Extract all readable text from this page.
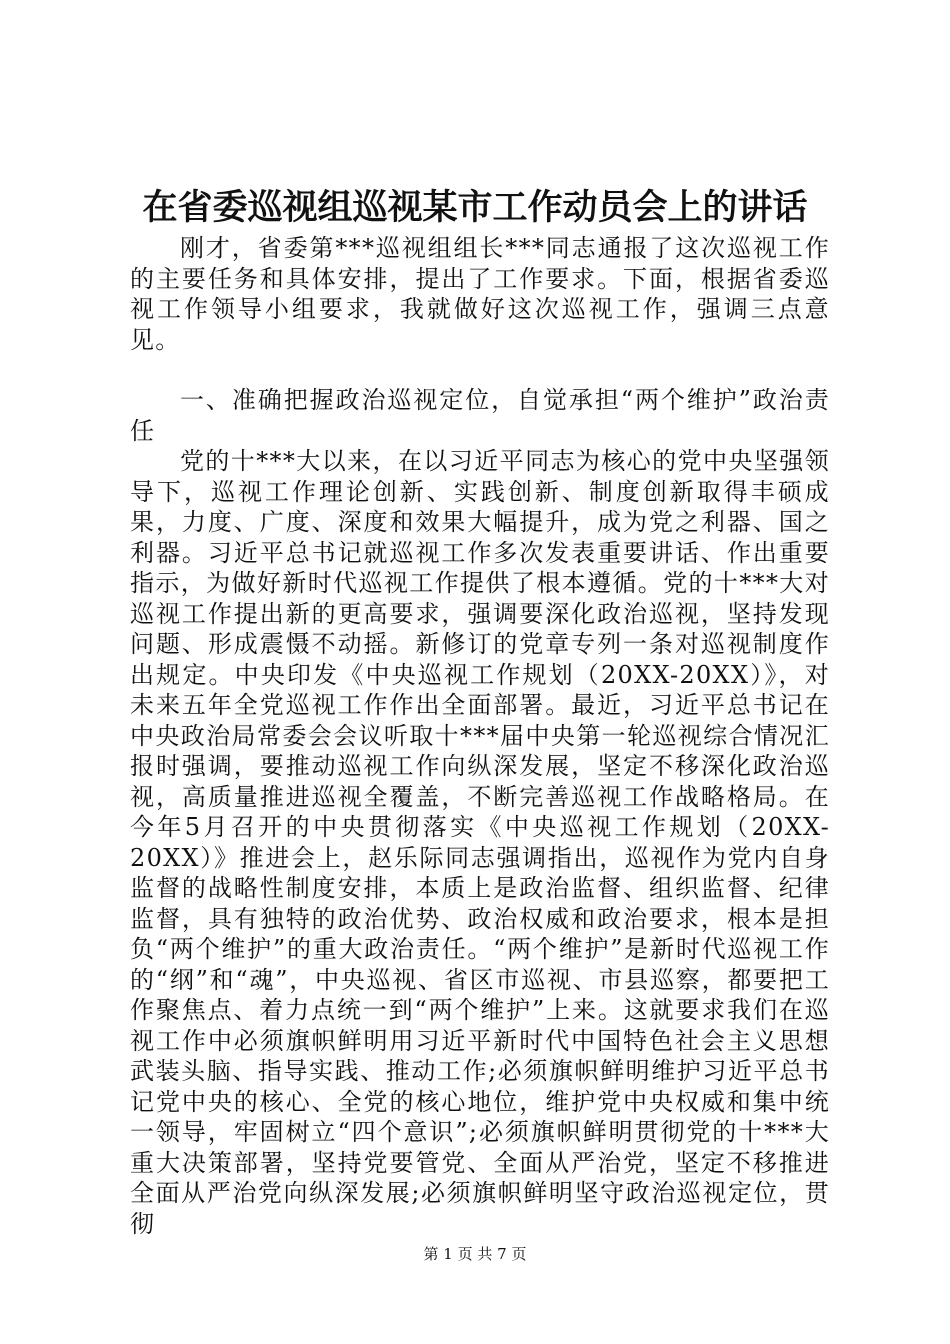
在省委巡视组巡视某市工作动员会上的讲话

刚才，省委第***巡视组组长***同志通报了这次巡视工作的主要任务和具体安排，提出了工作要求。下面，根据省委巡视工作领导小组要求，我就做好这次巡视工作，强调三点意见。

一、准确把握政治巡视定位，自觉承担“两个维护”政治责任

党的十***大以来，在以习近平同志为核心的党中央坚强领导下，巡视工作理论创新、实践创新、制度创新取得丰硕成果，力度、广度、深度和效果大幅提升，成为党之利器、国之利器。习近平总书记就巡视工作多次发表重要讲话、作出重要指示，为做好新时代巡视工作提供了根本遵循。党的十***大对巡视工作提出新的更高要求，强调要深化政治巡视，坚持发现问题、形成震慑不动摇。新修订的党章专列一条对巡视制度作出规定。中央印发《中央巡视工作规划（20XX-20XX）》，对未来五年全党巡视工作作出全面部署。最近，习近平总书记在中央政治局常委会会议听取十***届中央第一轮巡视综合情况汇报时强调，要推动巡视工作向纵深发展，坚定不移深化政治巡视，高质量推进巡视全覆盖，不断完善巡视工作战略格局。在今年5月召开的中央贯彻落实《中央巡视工作规划（20XX-20XX）》推进会上，赵乐际同志强调指出，巡视作为党内自身监督的战略性制度安排，本质上是政治监督、组织监督、纪律监督，具有独特的政治优势、政治权威和政治要求，根本是担负“两个维护”的重大政治责任。“两个维护”是新时代巡视工作的“纲”和“魂”，中央巡视、省区市巡视、市县巡察，都要把工作聚焦点、着力点统一到“两个维护”上来。这就要求我们在巡视工作中必须旗帜鲜明用习近平新时代中国特色社会主义思想武装头脑、指导实践、推动工作;必须旗帜鲜明维护习近平总书记党中央的核心、全党的核心地位，维护党中央权威和集中统一领导，牢固树立“四个意识”;必须旗帜鲜明贯彻党的十***大重大决策部署，坚持党要管党、全面从严治党，坚定不移推进全面从严治党向纵深发展;必须旗帜鲜明坚守政治巡视定位，贯彻

第 1 页 共 7 页
